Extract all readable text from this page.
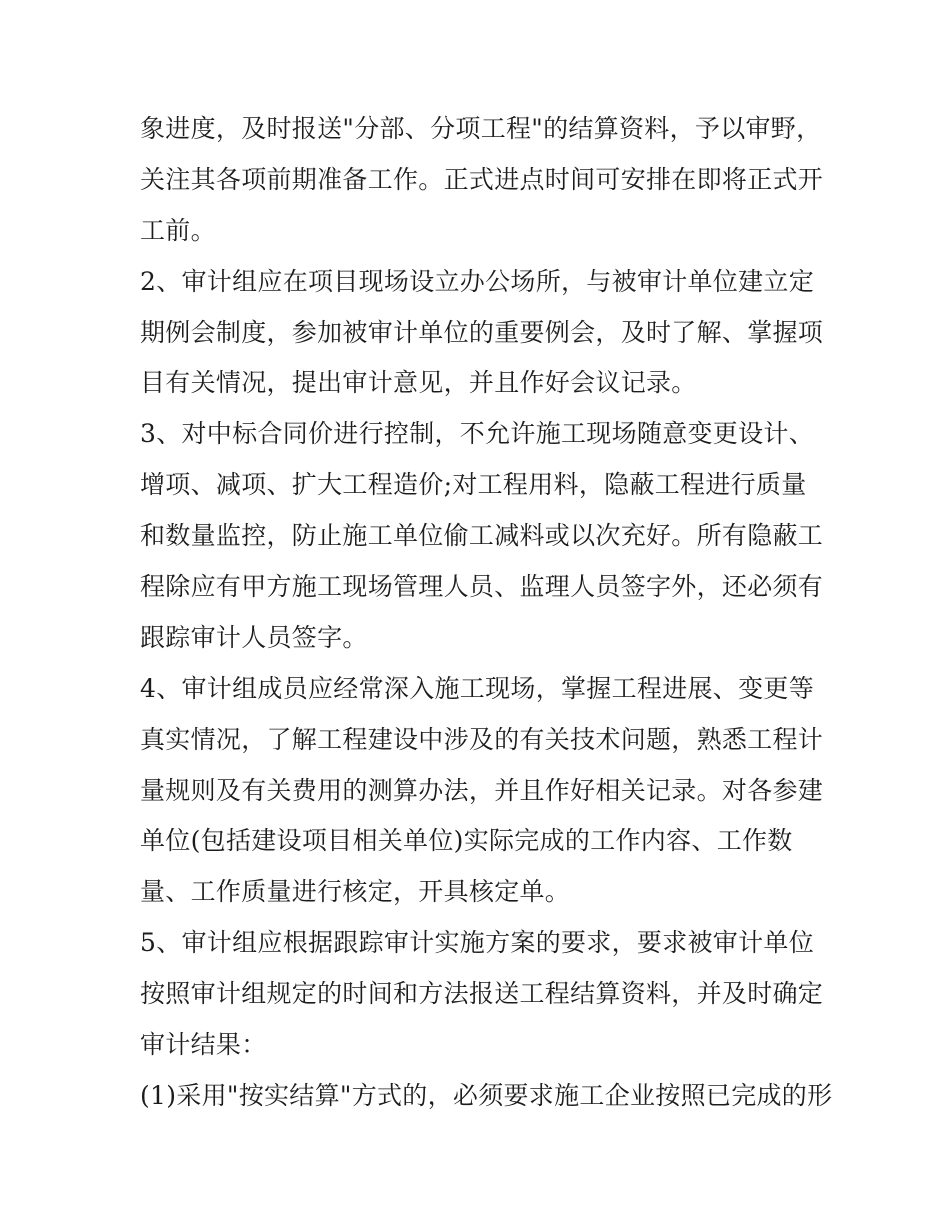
象进度，及时报送"分部、分项工程"的结算资料，予以审野，
关注其各项前期准备工作。正式进点时间可安排在即将正式开
工前。
2、审计组应在项目现场设立办公场所，与被审计单位建立定
期例会制度，参加被审计单位的重要例会，及时了解、掌握项
目有关情况，提出审计意见，并且作好会议记录。
3、对中标合同价进行控制，不允许施工现场随意变更设计、
增项、减项、扩大工程造价;对工程用料，隐蔽工程进行质量
和数量监控，防止施工单位偷工减料或以次充好。所有隐蔽工
程除应有甲方施工现场管理人员、监理人员签字外，还必须有
跟踪审计人员签字。
4、审计组成员应经常深入施工现场，掌握工程进展、变更等
真实情况，了解工程建设中涉及的有关技术问题，熟悉工程计
量规则及有关费用的测算办法，并且作好相关记录。对各参建
单位(包括建设项目相关单位)实际完成的工作内容、工作数
量、工作质量进行核定，开具核定单。
5、审计组应根据跟踪审计实施方案的要求，要求被审计单位
按照审计组规定的时间和方法报送工程结算资料，并及时确定
审计结果：
(1)采用"按实结算"方式的，必须要求施工企业按照已完成的形
